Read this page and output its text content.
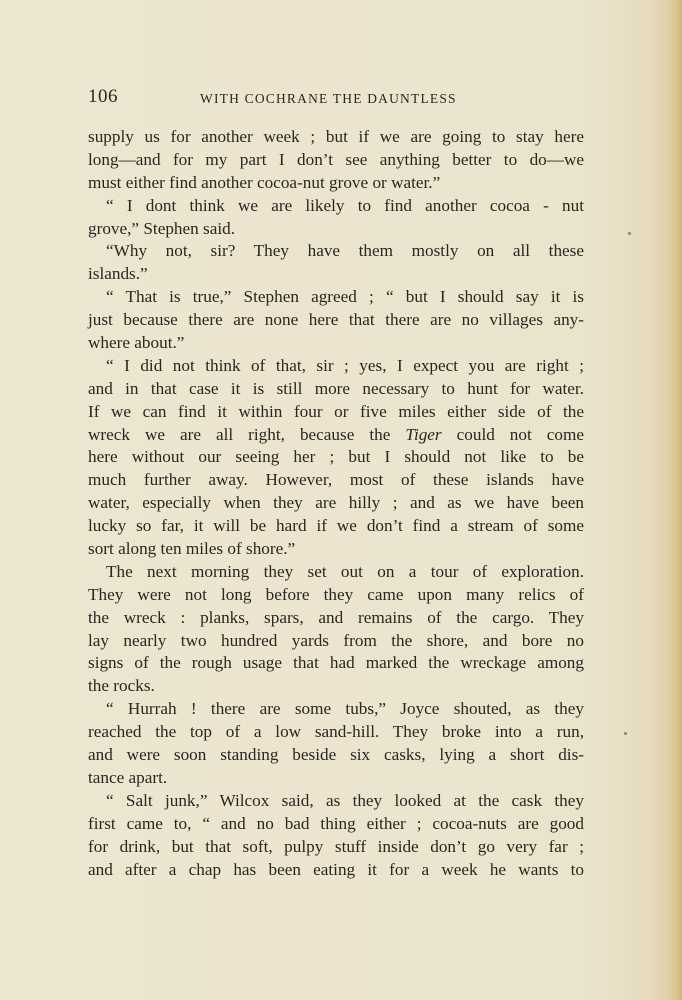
106	WITH COCHRANE THE DAUNTLESS
supply us for another week ; but if we are going to stay here
long—and for my part I don’t see anything better to do—we
must either find another cocoa-nut grove or water.”
“ I dont think we are likely to find another cocoa - nut
grove,” Stephen said.
“Why not, sir? They have them mostly on all these
islands.”
“ That is true,” Stephen agreed ; “ but I should say it is
just because there are none here that there are no villages any-
where about.”
“ I did not think of that, sir ; yes, I expect you are right ;
and in that case it is still more necessary to hunt for water.
If we can find it within four or five miles either side of the
wreck we are all right, because the Tiger could not come
here without our seeing her ; but I should not like to be
much further away. However, most of these islands have
water, especially when they are hilly ; and as we have been
lucky so far, it will be hard if we don’t find a stream of some
sort along ten miles of shore.”
The next morning they set out on a tour of exploration.
They were not long before they came upon many relics of
the wreck : planks, spars, and remains of the cargo. They
lay nearly two hundred yards from the shore, and bore no
signs of the rough usage that had marked the wreckage among
the rocks.
“ Hurrah ! there are some tubs,” Joyce shouted, as they
reached the top of a low sand-hill. They broke into a run,
and were soon standing beside six casks, lying a short dis-
tance apart.
“ Salt junk,” Wilcox said, as they looked at the cask they
first came to, “ and no bad thing either ; cocoa-nuts are good
for drink, but that soft, pulpy stuff inside don’t go very far ;
and after a chap has been eating it for a week he wants to
